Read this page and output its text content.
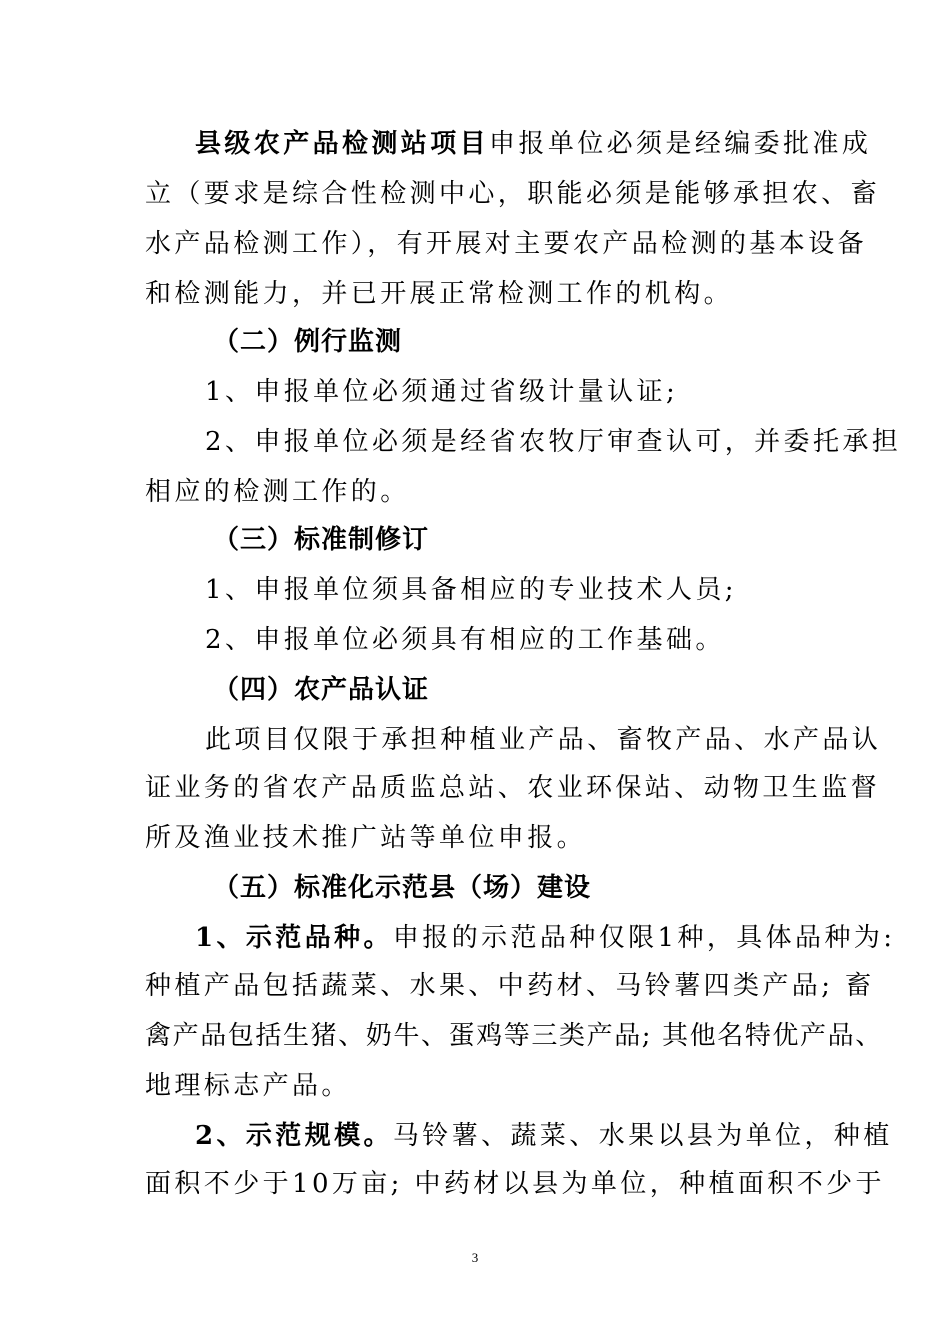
县级农产品检测站项目申报单位必须是经编委批准成
立（要求是综合性检测中心，职能必须是能够承担农、畜
水产品检测工作），有开展对主要农产品检测的基本设备
和检测能力，并已开展正常检测工作的机构。
（二）例行监测
1、申报单位必须通过省级计量认证;
2、申报单位必须是经省农牧厅审查认可，并委托承担
相应的检测工作的。
（三）标准制修订
1、申报单位须具备相应的专业技术人员;
2、申报单位必须具有相应的工作基础。
（四）农产品认证
此项目仅限于承担种植业产品、畜牧产品、水产品认
证业务的省农产品质监总站、农业环保站、动物卫生监督
所及渔业技术推广站等单位申报。
（五）标准化示范县（场）建设
1、示范品种。申报的示范品种仅限1种，具体品种为:
种植产品包括蔬菜、水果、中药材、马铃薯四类产品; 畜
禽产品包括生猪、奶牛、蛋鸡等三类产品; 其他名特优产品、
地理标志产品。
2、示范规模。马铃薯、蔬菜、水果以县为单位，种植
面积不少于10万亩; 中药材以县为单位，种植面积不少于
3
